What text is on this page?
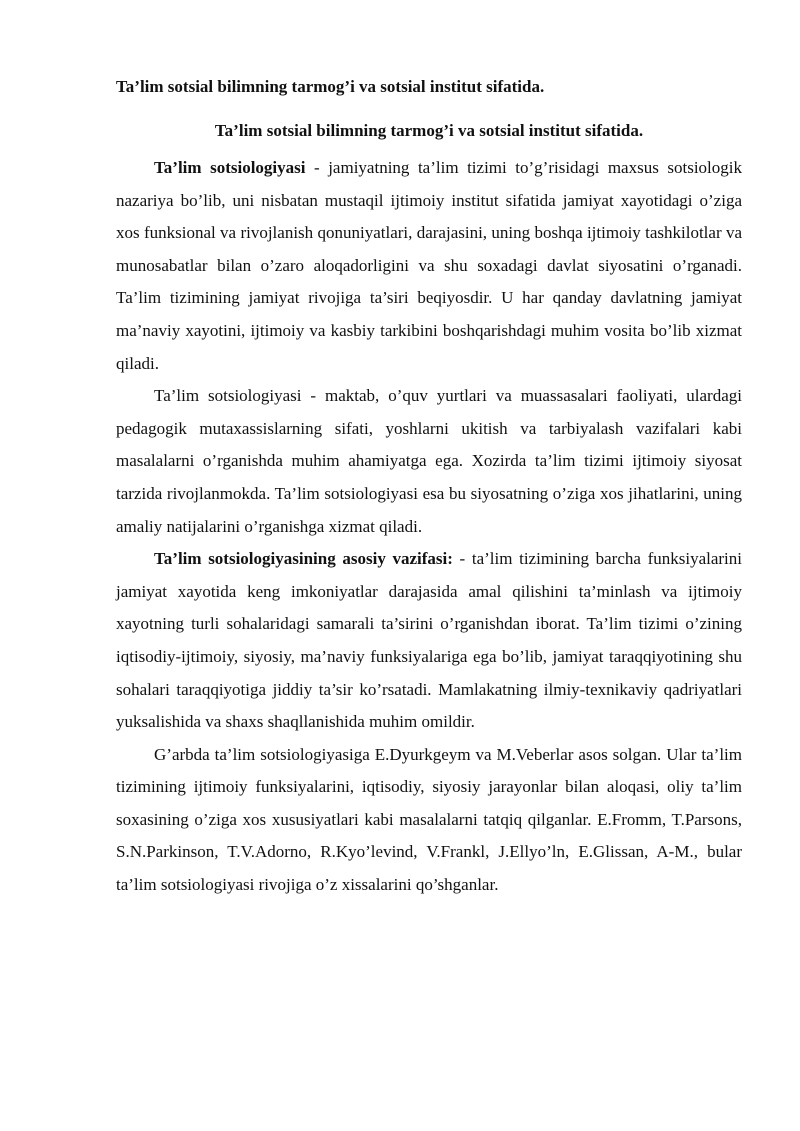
Ta’lim sotsial bilimning tarmog’i va sotsial institut sifatida.
Ta’lim sotsial bilimning tarmog’i va sotsial institut sifatida.

Ta’lim sotsiologiyasi - jamiyatning ta’lim tizimi to’g’risidagi maxsus sotsiologik nazariya bo’lib, uni nisbatan mustaqil ijtimoiy institut sifatida jamiyat xayotidagi o’ziga xos funksional va rivojlanish qonuniyatlari, darajasini, uning boshqa ijtimoiy tashkilotlar va munosabatlar bilan o’zaro aloqadorligini va shu soxadagi davlat siyosatini o’rganadi. Ta’lim tizimining jamiyat rivojiga ta’siri beqiyosdir. U har qanday davlatning jamiyat ma’naviy xayotini, ijtimoiy va kasbiy tarkibini boshqarishdagi muhim vosita bo’lib xizmat qiladi.

Ta’lim sotsiologiyasi - maktab, o’quv yurtlari va muassasalari faoliyati, ulardagi pedagogik mutaxassislarning sifati, yoshlarni ukitish va tarbiyalash vazifalari kabi masalalarni o’rganishda muhim ahamiyatga ega. Xozirda ta’lim tizimi ijtimoiy siyosat tarzida rivojlanmokda. Ta’lim sotsiologiyasi esa bu siyosatning o’ziga xos jihatlarini, uning amaliy natijalarini o’rganishga xizmat qiladi.

Ta’lim sotsiologiyasining asosiy vazifasi: - ta’lim tizimining barcha funksiyalarini jamiyat xayotida keng imkoniyatlar darajasida amal qilishini ta’minlash va ijtimoiy xayotning turli sohalaridagi samarali ta’sirini o’rganishdan iborat. Ta’lim tizimi o’zining iqtisodiy-ijtimoiy, siyosiy, ma’naviy funksiyalariga ega bo’lib, jamiyat taraqqiyotining shu sohalari taraqqiyotiga jiddiy ta’sir ko’rsatadi. Mamlakatning ilmiy-texnikaviy qadriyatlari yuksalishida va shaxs shaqllanishida muhim omildir.

G’arbda ta’lim sotsiologiyasiga E.Dyurkgeym va M.Veberlar asos solgan. Ular ta’lim tizimining ijtimoiy funksiyalarini, iqtisodiy, siyosiy jarayonlar bilan aloqasi, oliy ta’lim soxasining o’ziga xos xususiyatlari kabi masalalarni tatqiq qilganlar. E.Fromm, T.Parsons, S.N.Parkinson, T.V.Adorno, R.Kyo’levind, V.Frankl, J.Ellyo’ln, E.Glissan, A-M., bular ta’lim sotsiologiyasi rivojiga o’z xissalarini qo’shganlar.
